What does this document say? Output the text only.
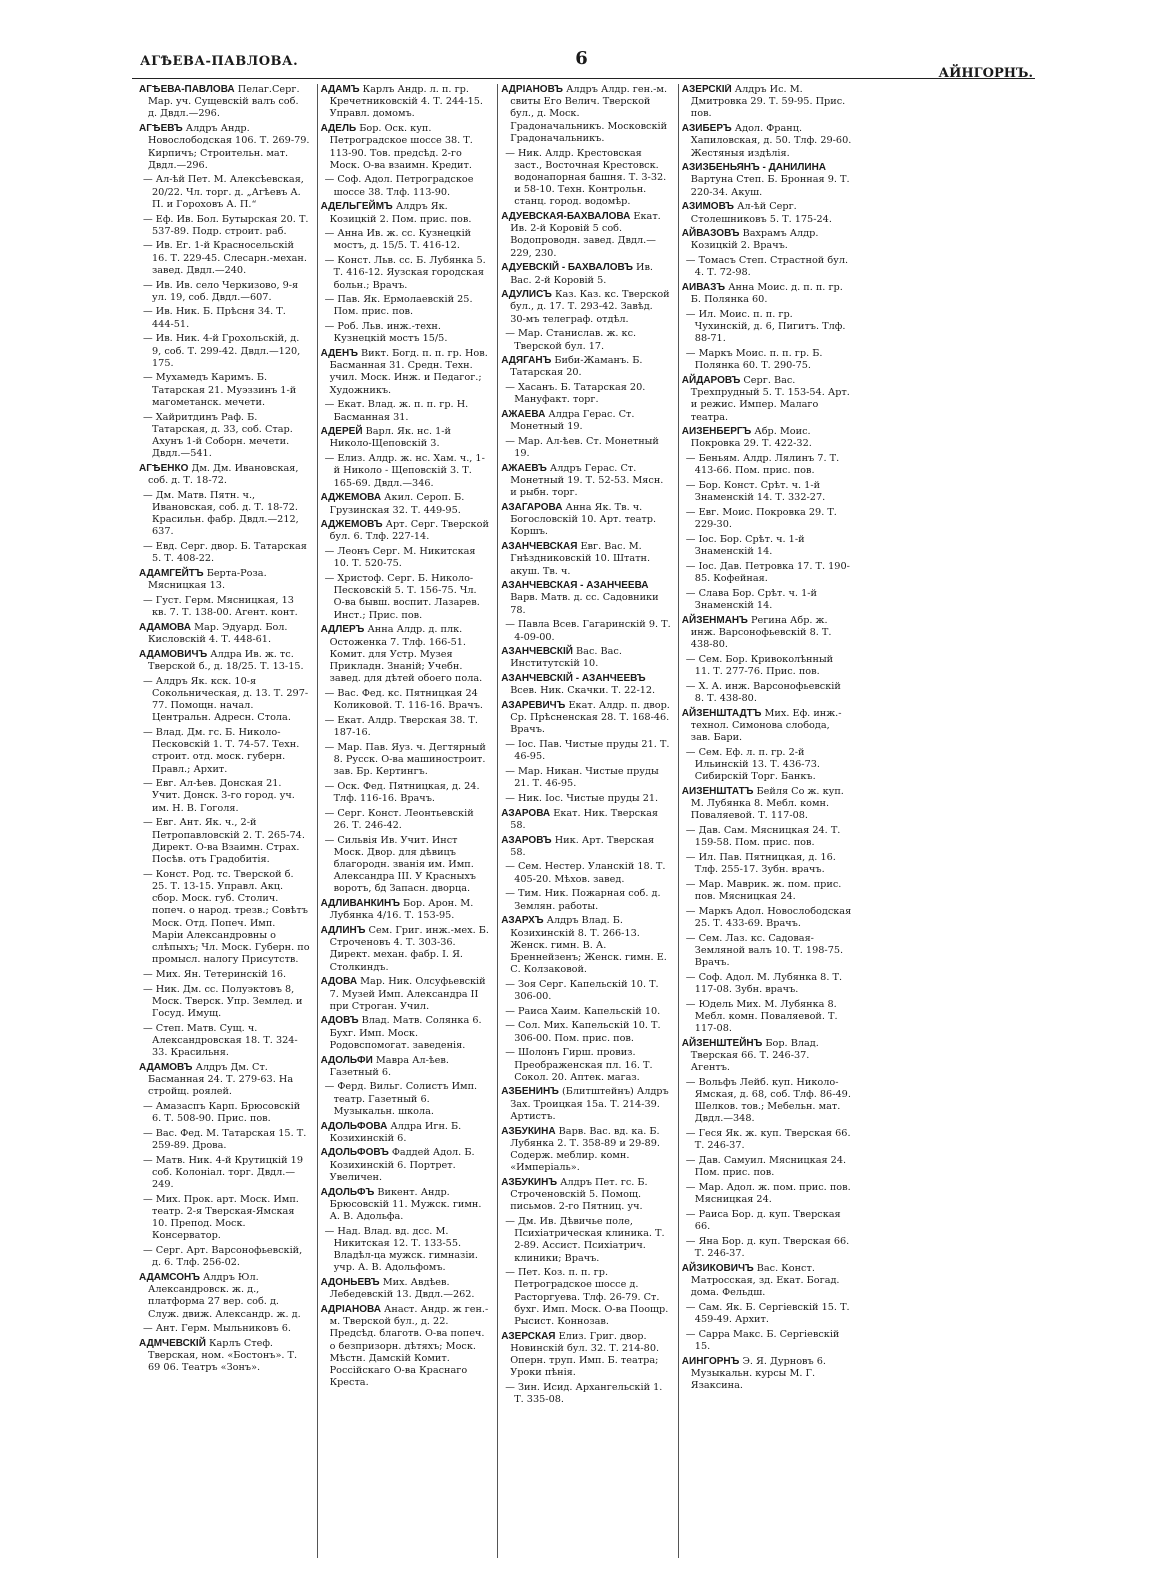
АГѢЕВА-ПАВЛОВА.	6
АЙНГОРНЪ.

АГѢЕВА-ПАВЛОВА Пелаг.Серг. Мар. уч. Сущевскій валъ соб. д. Двдл.—296.

АГѢЕВЪ Алдръ Андр. Новослободская 106. Т. 269-79. Кирпичъ; Строительн. мат. Двдл.—296.

— Ал-ѣй Пет. М. Алексѣевская, 20/22. Чл. торг. д. „Агѣевъ А. П. и Гороховъ А. П.“

— Еф. Ив. Бол. Бутырская 20. Т. 537-89. Подр. строит. раб.

— Ив. Ег. 1-й Красносельскій 16. Т. 229-45. Слесарн.-механ. завед. Двдл.—240.

— Ив. Ив. село Черкизово, 9-я ул. 19, соб. Двдл.—607.

— Ив. Ник. Б. Прѣсня 34. Т. 444-51.

— Ив. Ник. 4-й Грохольскій, д. 9, соб. Т. 299-42. Двдл.—120, 175.

— Мухамедъ Каримъ. Б. Татарская 21. Муэззинъ 1-й магометанск. мечети.

— Хайритдинъ Раф. Б. Татарская, д. 33, соб. Стар. Ахунъ 1-й Соборн. мечети. Двдл.—541.

АГѢЕНКО Дм. Дм. Ивановская, соб. д. Т. 18-72.

— Дм. Матв. Пятн. ч., Ивановская, соб. д. Т. 18-72. Красильн. фабр. Двдл.—212, 637.

— Евд. Серг. двор. Б. Татарская 5. Т. 408-22.

АДАМГЕЙТЪ Берта-Роза. Мясницкая 13.

— Густ. Герм. Мясницкая, 13 кв. 7. Т. 138-00. Агент. конт.

АДАМОВА Мар. Эдуард. Бол. Кисловскій 4. Т. 448-61.

АДАМОВИЧЪ Алдра Ив. ж. тс. Тверской б., д. 18/25. Т. 13-15.

— Алдръ Як. кск. 10-я Сокольническая, д. 13. Т. 297-77. Помощн. начал. Центральн. Адресн. Стола.

— Влад. Дм. гс. Б. Николо-Песковскій 1. Т. 74-57. Техн. строит. отд. моск. губерн. Правл.; Архит.

— Евг. Ал-ѣев. Донская 21. Учит. Донск. 3-го город. уч. им. Н. В. Гоголя.

— Евг. Ант. Як. ч., 2-й Петропавловскій 2. Т. 265-74. Директ. О-ва Взаимн. Страх. Посѣв. отъ Градобитія.

— Конст. Род. тс. Тверской б. 25. Т. 13-15. Управл. Акц. сбор. Моск. губ. Столич. попеч. о народ. трезв.; Совѣтъ Моск. Отд. Попеч. Имп. Маріи Александровны о слѣпыхъ; Чл. Моск. Губерн. по промысл. налогу Присутств.

— Мих. Ян. Тетеринскій 16.

— Ник. Дм. сс. Полуэктовъ 8, Моск. Тверск. Упр. Землед. и Госуд. Имущ.

— Степ. Матв. Сущ. ч. Александровская 18. Т. 324-33. Красильня.

АДАМОВЪ Алдръ Дм. Ст. Басманная 24. Т. 279-63. На стройщ. роялей.

— Амазаспъ Карп. Брюсовскій 6. Т. 508-90. Прис. пов.

— Вас. Фед. М. Татарская 15. Т. 259-89. Дрова.

— Матв. Ник. 4-й Крутицкій 19 соб. Колоніал. торг. Двдл.—249.

— Мих. Прок. арт. Моск. Имп. театр. 2-я Тверская-Ямская 10. Препод. Моск. Консерватор.

— Серг. Арт. Варсонофьевскій, д. 6. Тлф. 256-02.

АДАМСОНЪ Алдръ Юл. Александровск. ж. д., платформа 27 вер. соб. д. Служ. движ. Александр. ж. д.

— Ант. Герм. Мыльниковъ 6.

АДМЧЕВСКІЙ Карлъ Стеф. Тверская, ном. «Бостонъ». Т. 69 06. Театръ «Зонъ».

АДАМЪ Карлъ Андр. л. п. гр. Кречетниковскій 4. Т. 244-15. Управл. домомъ.

АДЕЛЬ Бор. Оск. куп. Петроградское шоссе 38. Т. 113-90. Тов. предсѣд. 2-го Моск. О-ва взаимн. Кредит.

— Соф. Адол. Петроградское шоссе 38. Тлф. 113-90.

АДЕЛЬГЕЙМЪ Алдръ Як. Козицкій 2. Пом. прис. пов.

— Анна Ив. ж. сс. Кузнецкій мостъ, д. 15/5. Т. 416-12.

— Конст. Льв. сс. Б. Лубянка 5. Т. 416-12. Яузская городская больн.; Врачъ.

— Пав. Як. Ермолаевскій 25. Пом. прис. пов.

— Роб. Льв. инж.-техн. Кузнецкій мостъ 15/5.

АДЕНЪ Викт. Богд. п. п. гр. Нов. Басманная 31. Средн. Техн. учил. Моск. Инж. и Педагог.; Художникъ.

— Екат. Влад. ж. п. п. гр. Н. Басманная 31.

АДЕРЕЙ Варл. Як. нс. 1-й Николо-Щеповскій 3.

— Елиз. Алдр. ж. нс. Хам. ч., 1-й Николо - Щеповскій 3. Т. 165-69. Двдл.—346.

АДЖЕМОВА Акил. Сероп. Б. Грузинская 32. Т. 449-95.

АДЖЕМОВЪ Арт. Серг. Тверской бул. 6. Тлф. 227-14.

— Леонъ Серг. М. Никитская 10. Т. 520-75.

— Христоф. Серг. Б. Николо-Песковскій 5. Т. 156-75. Чл. О-ва бывш. воспит. Лазарев. Инст.; Прис. пов.

АДЛЕРЪ Анна Алдр. д. плк. Остоженка 7. Тлф. 166-51. Комит. для Устр. Музея Прикладн. Знаній; Учебн. завед. для дѣтей обоего пола.

— Вас. Фед. кс. Пятницкая 24 Коликовой. Т. 116-16. Врачъ.

— Екат. Алдр. Тверская 38. Т. 187-16.

— Мар. Пав. Яуз. ч. Дегтярный 8. Русск. О-ва машиностроит. зав. Бр. Кертингъ.

— Оск. Фед. Пятницкая, д. 24. Тлф. 116-16. Врачъ.

— Серг. Конст. Леонтьевскій 26. Т. 246-42.

— Сильвія Ив. Учит. Инст Моск. Двор. для дѣвицъ благородн. званія им. Имп. Александра III. У Красныхъ воротъ, бд Запасн. дворца.

АДЛИВАНКИНЪ Бор. Арон. М. Лубянка 4/16. Т. 153-95.

АДЛИНЪ Сем. Григ. инж.-мех. Б. Строченовъ 4. Т. 303-36. Директ. механ. фабр. І. Я. Столкиндъ.

АДОВА Мар. Ник. Олсуфьевскій 7. Музей Имп. Александра II при Строган. Учил.

АДОВЪ Влад. Матв. Солянка 6. Бухг. Имп. Моск. Родовспомогат. заведенія.

АДОЛЬФИ Мавра Ал-ѣев. Газетный 6.

— Ферд. Вильг. Солистъ Имп. театр. Газетный 6. Музыкальн. школа.

АДОЛЬФОВА Алдра Игн. Б. Козихинскій 6.

АДОЛЬФОВЪ Фаддей Адол. Б. Козихинскій 6. Портрет. Увеличен.

АДОЛЬФЪ Викент. Андр. Брюсовскій 11. Мужск. гимн. А. В. Адольфа.

— Над. Влад. вд. дсс. М. Никитская 12. Т. 133-55. Владѣл-ца мужск. гимназіи. учр. А. В. Адольфомъ.

АДОНЬЕВЪ Мих. Авдѣев. Лебедевскій 13. Двдл.—262.

АДРІАНОВА Анаст. Андр. ж ген.-м. Тверской бул., д. 22. Предсѣд. благотв. О-ва попеч. о безпризорн. дѣтяхъ; Моск. Мѣстн. Дамскій Комит. Россійскаго О-ва Краснаго Креста.

АДРІАНОВЪ Алдръ Алдр. ген.-м. свиты Его Велич. Тверской бул., д. Моск. Градоначальникъ. Московскій Градоначальникъ.

— Ник. Алдр. Крестовская заст., Восточная Крестовск. водонапорная башня. Т. 3-32. и 58-10. Техн. Контрольн. станц. город. водомѣр.

АДУЕВСКАЯ-БАХВАЛОВА Екат. Ив. 2-й Коровій 5 соб. Водопроводн. завед. Двдл.—229, 230.

АДУЕВСКІЙ - БАХВАЛОВЪ Ив. Вас. 2-й Коровій 5.

АДУЛИСЪ Каз. Каз. кс. Тверской бул., д. 17. Т. 293-42. Завѣд. 30-мъ телеграф. отдѣл.

— Мар. Станислав. ж. кс. Тверской бул. 17.

АДЯГАНЪ Биби-Жаманъ. Б. Татарская 20.

— Хасанъ. Б. Татарская 20. Мануфакт. торг.

АЖАЕВА Алдра Герас. Ст. Монетный 19.

— Мар. Ал-ѣев. Ст. Монетный 19.

АЖАЕВЪ Алдръ Герас. Ст. Монетный 19. Т. 52-53. Мясн. и рыбн. торг.

АЗАГАРОВА Анна Як. Тв. ч. Богословскій 10. Арт. театр. Коршъ.

АЗАНЧЕВСКАЯ Евг. Вас. М. Гнѣздниковскій 10. Штатн. акуш. Тв. ч.

АЗАНЧЕВСКАЯ - АЗАНЧЕЕВА Варв. Матв. д. сс. Садовники 78.

— Павла Всев. Гагаринскій 9. Т. 4-09-00.

АЗАНЧЕВСКІЙ Вас. Вас. Институтскій 10.

АЗАНЧЕВСКІЙ - АЗАНЧЕЕВЪ Всев. Ник. Скачки. Т. 22-12.

АЗАРЕВИЧЪ Екат. Алдр. п. двор. Ср. Прѣсненская 28. Т. 168-46. Врачъ.

— Іос. Пав. Чистые пруды 21. Т. 46-95.

— Мар. Никан. Чистые пруды 21. Т. 46-95.

— Ник. Іос. Чистые пруды 21.

АЗАРОВА Екат. Ник. Тверская 58.

АЗАРОВЪ Ник. Арт. Тверская 58.

— Сем. Нестер. Уланскій 18. Т. 405-20. Мѣхов. завед.

— Тим. Ник. Пожарная соб. д. Землян. работы.

АЗАРХЪ Алдръ Влад. Б. Козихинскій 8. Т. 266-13. Женск. гимн. В. А. Бреннейзенъ; Женск. гимн. Е. С. Колзаковой.

— Зоя Серг. Капельскій 10. Т. 306-00.

— Раиса Хаим. Капельскій 10.

— Сол. Мих. Капельскій 10. Т. 306-00. Пом. прис. пов.

— Шолонъ Гирш. провиз. Преображенская пл. 16. Т. Сокол. 20. Аптек. магаз.

АЗБЕНИНЪ (Блитштейнъ) Алдръ Зах. Троицкая 15а. Т. 214-39. Артистъ.

АЗБУКИНА Варв. Вас. вд. ка. Б. Лубянка 2. Т. 358-89 и 29-89. Содерж. меблир. комн. «Имперіаль».

АЗБУКИНЪ Алдръ Пет. гс. Б. Строченовскій 5. Помощ. письмов. 2-го Пятниц. уч.

— Дм. Ив. Дѣвичье поле, Психіатрическая клиника. Т. 2-89. Ассист. Психіатрич. клиники; Врачъ.

— Пет. Коз. п. п. гр. Петроградское шоссе д. Расторгуева. Тлф. 26-79. Ст. бухг. Имп. Моск. О-ва Поощр. Рысист. Коннозав.

АЗЕРСКАЯ Елиз. Григ. двор. Новинскій бул. 32. Т. 214-80. Оперн. труп. Имп. Б. театра; Уроки пѣнія.

— Зин. Исид. Архангельскій 1. Т. 335-08.

АЗЕРСКІЙ Алдръ Ис. М. Дмитровка 29. Т. 59-95. Прис. пов.

АЗИБЕРЪ Адол. Франц. Хапиловская, д. 50. Тлф. 29-60. Жестяныя издѣлія.

АЗИЗБЕНЬЯНЪ - ДАНИЛИНА Вартуна Степ. Б. Бронная 9. Т. 220-34. Акуш.

АЗИМОВЪ Ал-ѣй Серг. Столешниковъ 5. Т. 175-24.

АЙВАЗОВЪ Вахрамъ Алдр. Козицкій 2. Врачъ.

— Томасъ Степ. Страстной бул. 4. Т. 72-98.

АИВАЗЪ Анна Моис. д. п. п. гр. Б. Полянка 60.

— Ил. Моис. п. п. гр. Чухинскій, д. 6, Пигитъ. Тлф. 88-71.

— Маркъ Моис. п. п. гр. Б. Полянка 60. Т. 290-75.

АЙДАРОВЪ Серг. Вас. Трехпрудный 5. Т. 153-54. Арт. и режис. Импер. Малаго театра.

АИЗЕНБЕРГЪ Абр. Моис. Покровка 29. Т. 422-32.

— Беньям. Алдр. Лялинъ 7. Т. 413-66. Пом. прис. пов.

— Бор. Конст. Срѣт. ч. 1-й Знаменскій 14. Т. 332-27.

— Евг. Моис. Покровка 29. Т. 229-30.

— Іос. Бор. Срѣт. ч. 1-й Знаменскій 14.

— Іос. Дав. Петровка 17. Т. 190-85. Кофейная.

— Слава Бор. Срѣт. ч. 1-й Знаменскій 14.

АЙЗЕНМАНЪ Регина Абр. ж. инж. Варсонофьевскій 8. Т. 438-80.

— Сем. Бор. Кривоколѣнный 11. Т. 277-76. Прис. пов.

— Х. А. инж. Варсонофьевскій 8. Т. 438-80.

АЙЗЕНШТАДТЪ Мих. Еф. инж.-технол. Симонова слобода, зав. Бари.

— Сем. Еф. л. п. гр. 2-й Ильинскій 13. Т. 436-73. Сибирскій Торг. Банкъ.

АИЗЕНШТАТЪ Бейля Со ж. куп. М. Лубянка 8. Мебл. комн. Поваляевой. Т. 117-08.

— Дав. Сам. Мясницкая 24. Т. 159-58. Пом. прис. пов.

— Ил. Пав. Пятницкая, д. 16. Тлф. 255-17. Зубн. врачъ.

— Мар. Маврик. ж. пом. прис. пов. Мясницкая 24.

— Маркъ Адол. Новослободская 25. Т. 433-69. Врачъ.

— Сем. Лаз. кс. Садовая-Земляной валъ 10. Т. 198-75. Врачъ.

— Соф. Адол. М. Лубянка 8. Т. 117-08. Зубн. врачъ.

— Юдель Мих. М. Лубянка 8. Мебл. комн. Поваляевой. Т. 117-08.

АЙЗЕНШТЕЙНЪ Бор. Влад. Тверская 66. Т. 246-37. Агентъ.

— Вольфъ Лейб. куп. Николо-Ямская, д. 68, соб. Тлф. 86-49. Шелков. тов.; Мебельн. мат. Двдл.—348.

— Геся Як. ж. куп. Тверская 66. Т. 246-37.

— Дав. Самуил. Мясницкая 24. Пом. прис. пов.

— Мар. Адол. ж. пом. прис. пов. Мясницкая 24.

— Раиса Бор. д. куп. Тверская 66.

— Яна Бор. д. куп. Тверская 66. Т. 246-37.

АЙЗИКОВИЧЪ Вас. Конст. Матросская, зд. Екат. Богад. дома. Фельдш.

— Сам. Як. Б. Сергіевскій 15. Т. 459-49. Архит.

— Сарра Макс. Б. Сергіевскій 15.

АИНГОРНЪ Э. Я. Дурновъ 6. Музыкальн. курсы М. Г. Язаксина.
